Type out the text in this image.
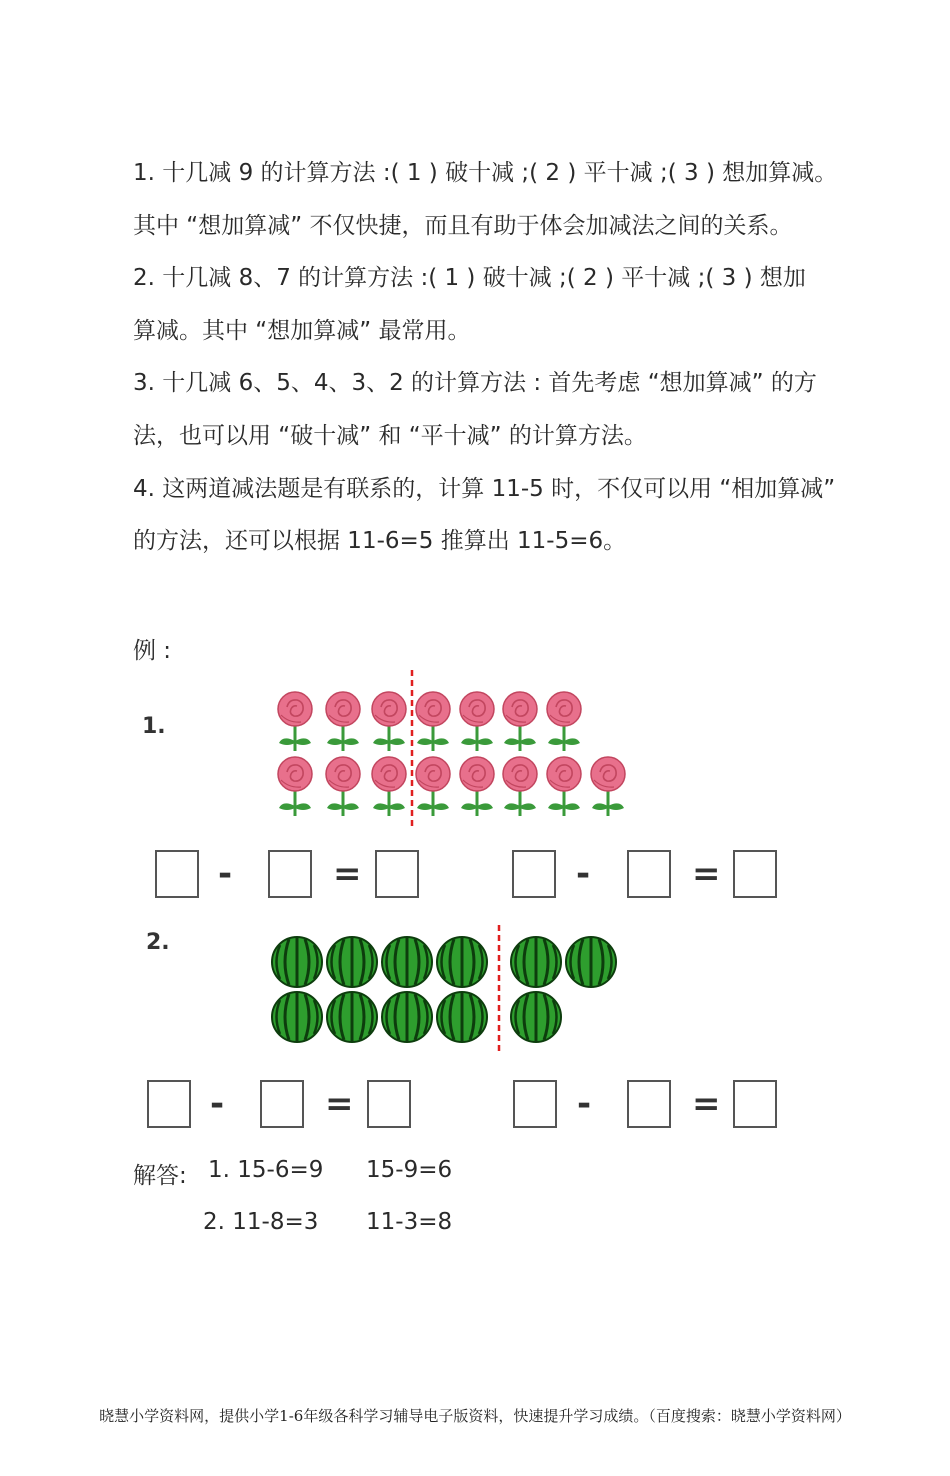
1. 十几减 9 的计算方法 :( 1 ) 破十减 ;( 2 ) 平十减 ;( 3 ) 想加算减。
其中 “想加算减” 不仅快捷，而且有助于体会加减法之间的关系。
2. 十几减 8、7 的计算方法 :( 1 ) 破十减 ;( 2 ) 平十减 ;( 3 ) 想加
算减。其中 “想加算减” 最常用。
3. 十几减 6、5、4、3、2 的计算方法 : 首先考虑 “想加算减” 的方
法，也可以用 “破十减” 和 “平十减” 的计算方法。
4. 这两道减法题是有联系的，计算 11-5 时，不仅可以用 “相加算减”
的方法，还可以根据 11-6=5 推算出 11-5=6。
例 :
1.
-	=	-	=
2.
-	=	-	=
解答: 1. 15-6=9 15-9=6
2. 11-8=3 11-3=8
晓慧小学资料网，提供小学1-6年级各科学习辅导电子版资料，快速提升学习成绩。（百度搜索：晓慧小学资料网）
